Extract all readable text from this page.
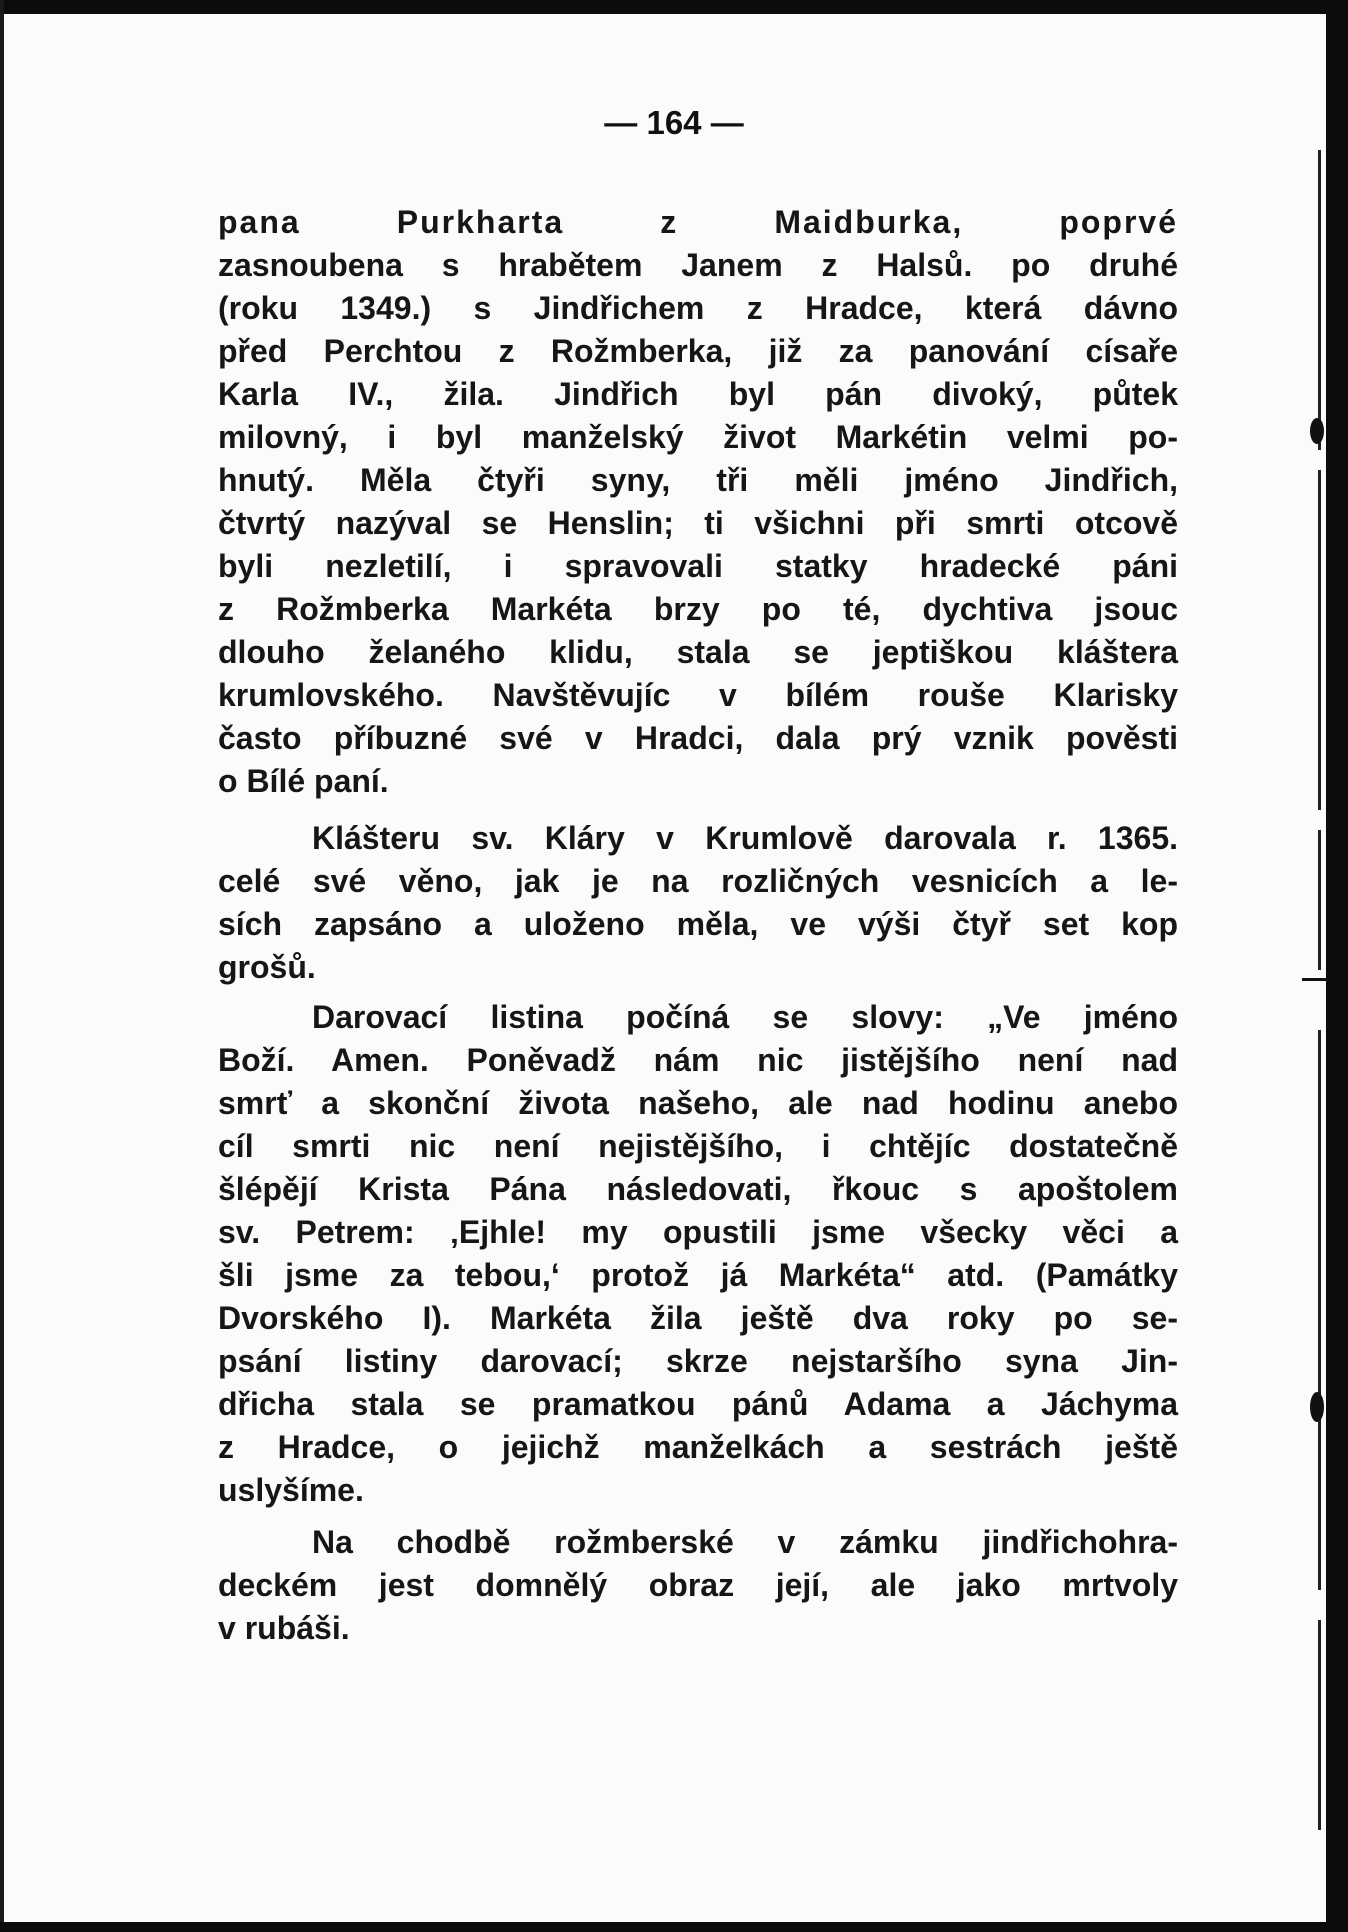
— 164 —
pana Purkharta z Maidburka, poprvé
zasnoubena s hrabětem Janem z Halsů. po druhé
(roku 1349.) s Jindřichem z Hradce, která dávno
před Perchtou z Rožmberka, již za panování císaře
Karla IV., žila. Jindřich byl pán divoký, půtek
milovný, i byl manželský život Markétin velmi po-
hnutý. Měla čtyři syny, tři měli jméno Jindřich,
čtvrtý nazýval se Henslin; ti všichni při smrti otcově
byli nezletilí, i spravovali statky hradecké páni
z Rožmberka Markéta brzy po té, dychtiva jsouc
dlouho želaného klidu, stala se jeptiškou kláštera
krumlovského. Navštěvujíc v bílém rouše Klarisky
často příbuzné své v Hradci, dala prý vznik pověsti
o Bílé paní.
Klášteru sv. Kláry v Krumlově darovala r. 1365.
celé své věno, jak je na rozličných vesnicích a le-
sích zapsáno a uloženo měla, ve výši čtyř set kop
grošů.
Darovací listina počíná se slovy: „Ve jméno
Boží. Amen. Poněvadž nám nic jistějšího není nad
smrť a skonční života našeho, ale nad hodinu anebo
cíl smrti nic není nejistějšího, i chtějíc dostatečně
šlépějí Krista Pána následovati, řkouc s apoštolem
sv. Petrem: ‚Ejhle! my opustili jsme všecky věci a
šli jsme za tebou,‘ protož já Markéta“ atd. (Památky
Dvorského I). Markéta žila ještě dva roky po se-
psání listiny darovací; skrze nejstaršího syna Jin-
dřicha stala se pramatkou pánů Adama a Jáchyma
z Hradce, o jejichž manželkách a sestrách ještě
uslyšíme.
Na chodbě rožmberské v zámku jindřichohra-
deckém jest domnělý obraz její, ale jako mrtvoly
v rubáši.
